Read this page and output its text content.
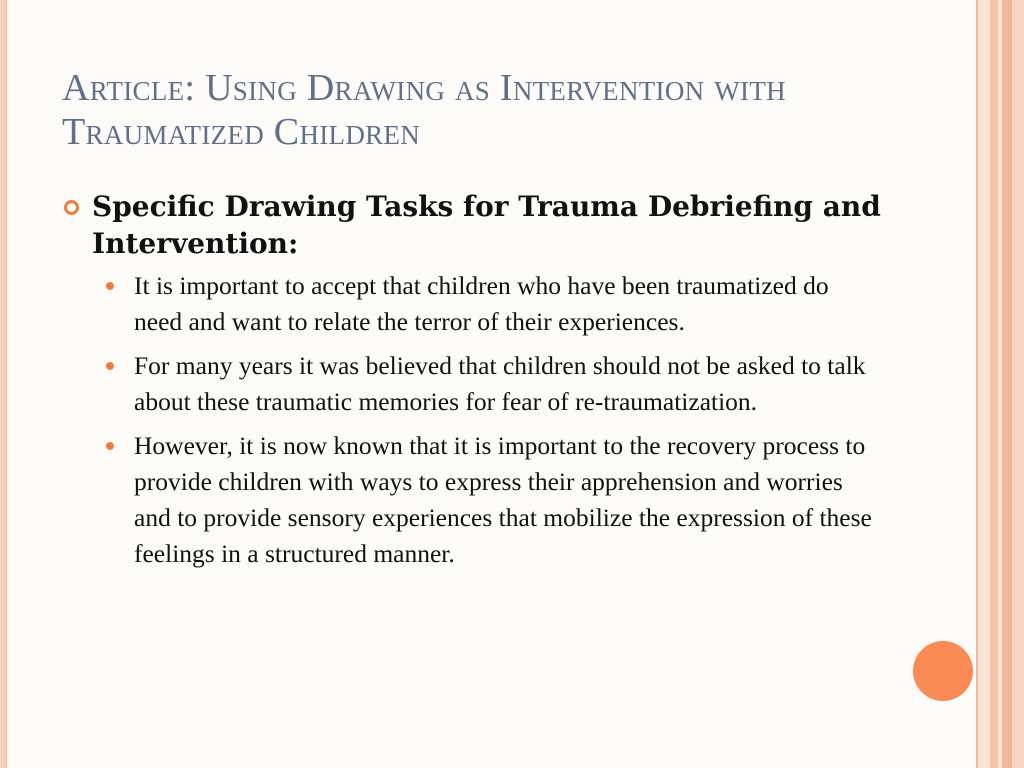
Article: Using Drawing as Intervention with Traumatized Children

Specific Drawing Tasks for Trauma Debriefing and Intervention:

It is important to accept that children who have been traumatized do need and want to relate the terror of their experiences.
For many years it was believed that children should not be asked to talk about these traumatic memories for fear of re-traumatization.
However, it is now known that it is important to the recovery process to provide children with ways to express their apprehension and worries and to provide sensory experiences that mobilize the expression of these feelings in a structured manner.
